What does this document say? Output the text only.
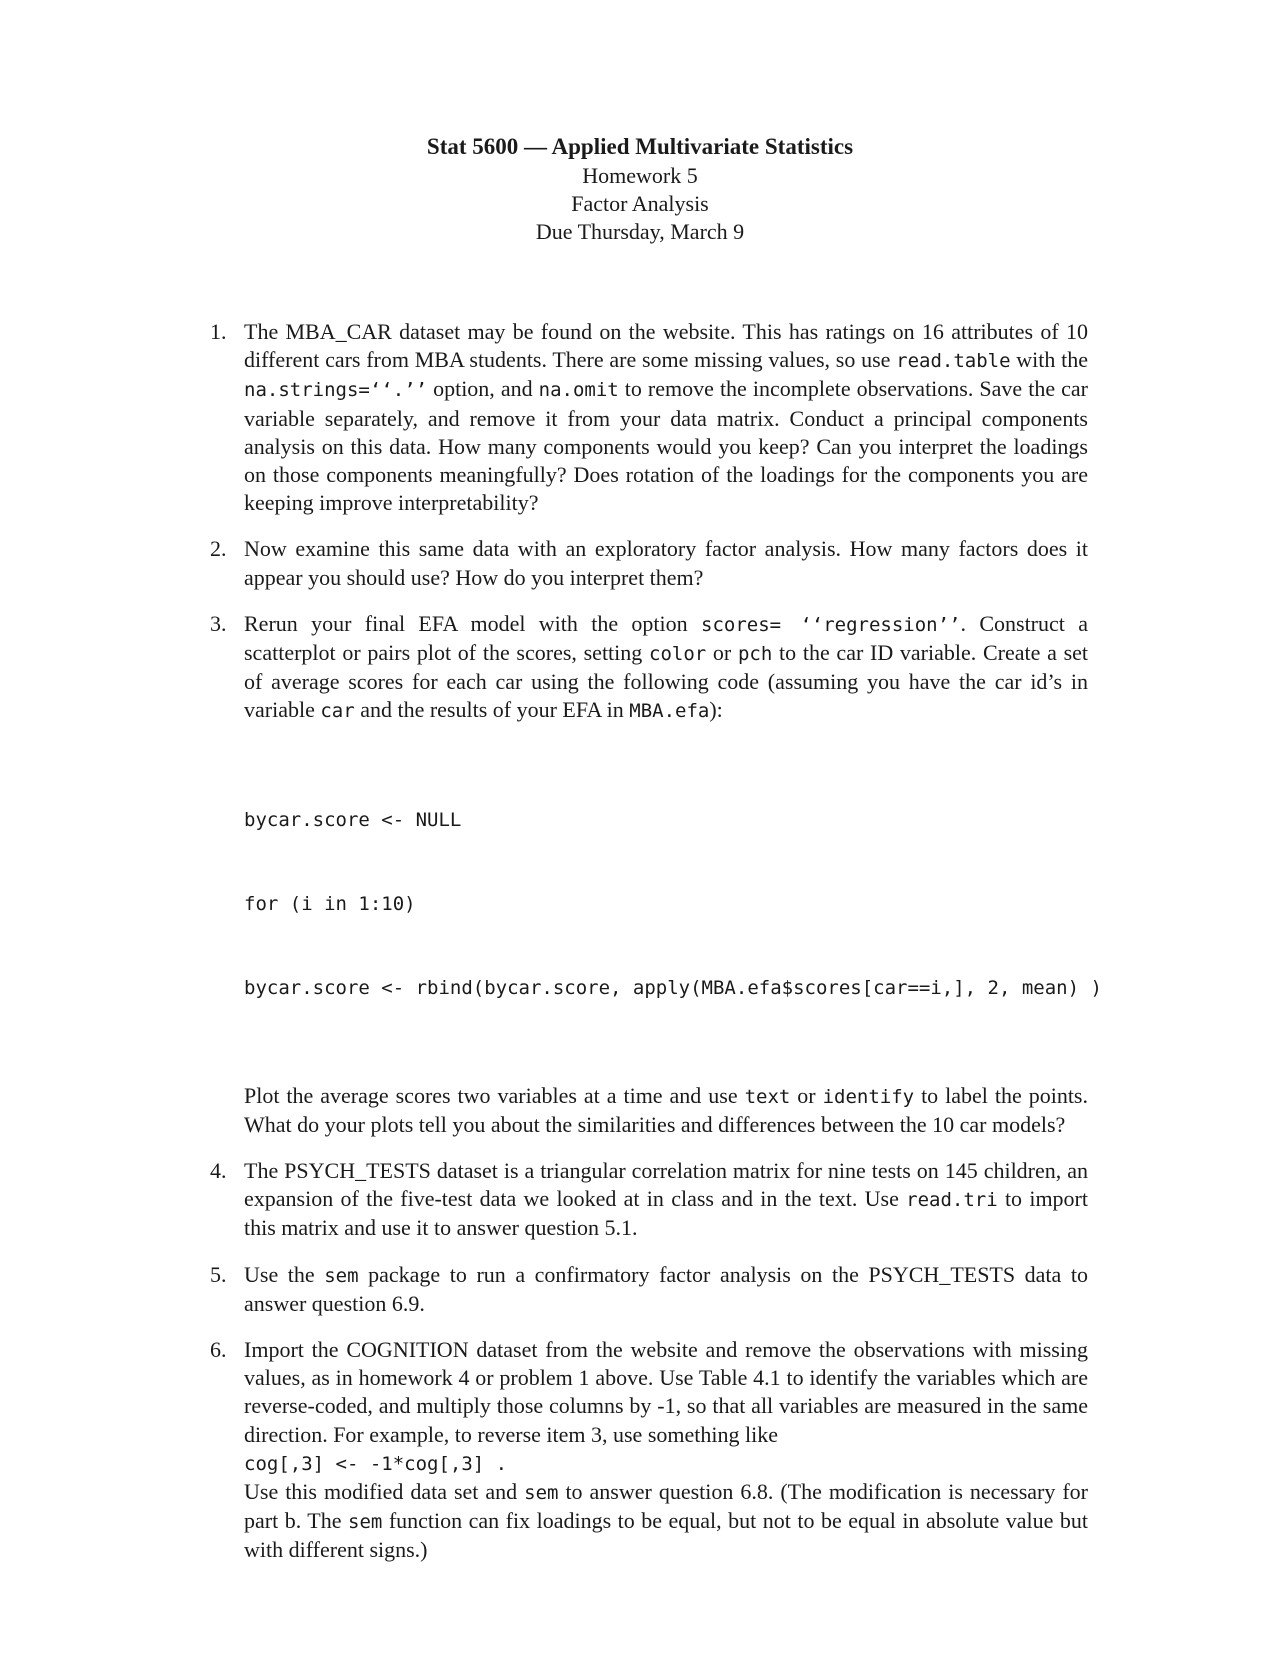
Stat 5600 — Applied Multivariate Statistics
Homework 5
Factor Analysis
Due Thursday, March 9
1. The MBA_CAR dataset may be found on the website. This has ratings on 16 attributes of 10 different cars from MBA students. There are some missing values, so use read.table with the na.strings=‘‘.’’ option, and na.omit to remove the incomplete observations. Save the car variable separately, and remove it from your data matrix. Conduct a principal components analysis on this data. How many components would you keep? Can you interpret the loadings on those components meaningfully? Does rotation of the loadings for the components you are keeping improve interpretability?

2. Now examine this same data with an exploratory factor analysis. How many factors does it appear you should use? How do you interpret them?

3. Rerun your final EFA model with the option scores= ‘‘regression’’. Construct a scatterplot or pairs plot of the scores, setting color or pch to the car ID variable. Create a set of average scores for each car using the following code (assuming you have the car id’s in variable car and the results of your EFA in MBA.efa):

bycar.score <- NULL

for (i in 1:10)

bycar.score <- rbind(bycar.score, apply(MBA.efa$scores[car==i,], 2, mean) )

Plot the average scores two variables at a time and use text or identify to label the points. What do your plots tell you about the similarities and differences between the 10 car models?

4. The PSYCH_TESTS dataset is a triangular correlation matrix for nine tests on 145 children, an expansion of the five-test data we looked at in class and in the text. Use read.tri to import this matrix and use it to answer question 5.1.

5. Use the sem package to run a confirmatory factor analysis on the PSYCH_TESTS data to answer question 6.9.

6. Import the COGNITION dataset from the website and remove the observations with missing values, as in homework 4 or problem 1 above. Use Table 4.1 to identify the variables which are reverse-coded, and multiply those columns by -1, so that all variables are measured in the same direction. For example, to reverse item 3, use something like

cog[,3] <- -1*cog[,3] .

Use this modified data set and sem to answer question 6.8. (The modification is necessary for part b. The sem function can fix loadings to be equal, but not to be equal in absolute value but with different signs.)
